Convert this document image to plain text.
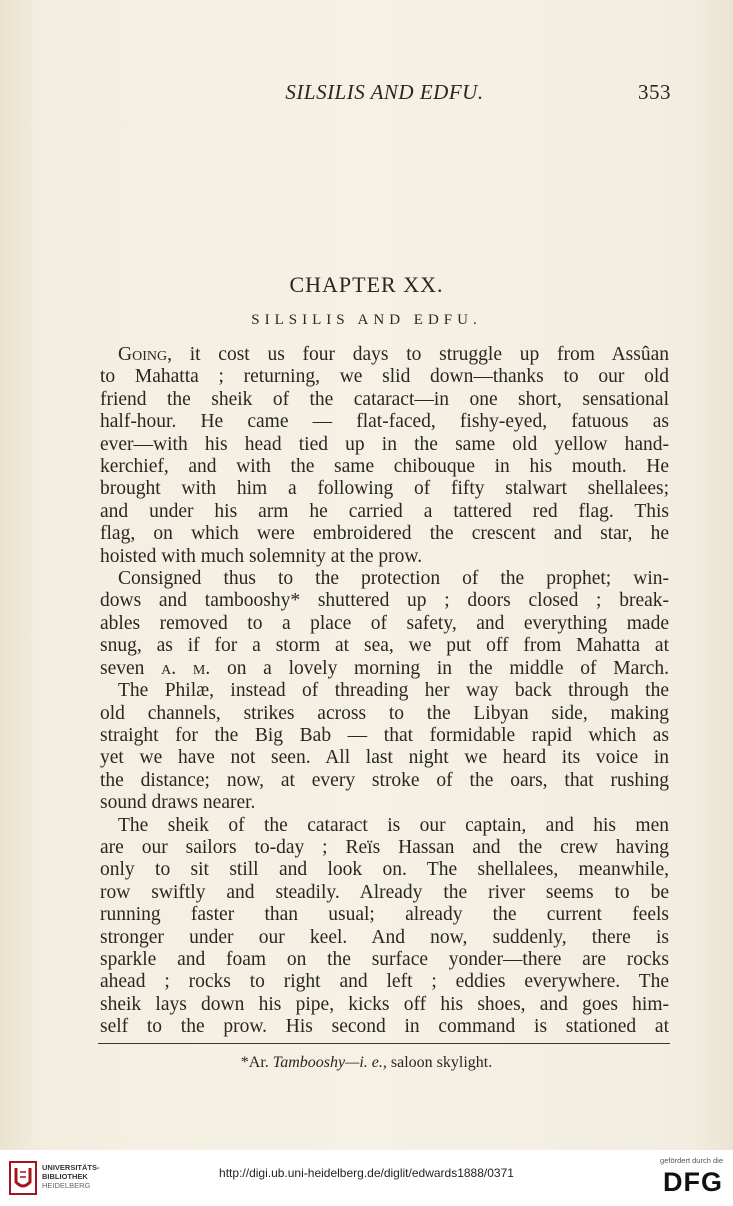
SILSILIS AND EDFU.	353
CHAPTER XX.
SILSILIS AND EDFU.
Going, it cost us four days to struggle up from Assûan
to Mahatta ; returning, we slid down—thanks to our old
friend the sheik of the cataract—in one short, sensational
half-hour. He came — flat-faced, fishy-eyed, fatuous as
ever—with his head tied up in the same old yellow hand-
kerchief, and with the same chibouque in his mouth. He
brought with him a following of fifty stalwart shellalees;
and under his arm he carried a tattered red flag. This
flag, on which were embroidered the crescent and star, he
hoisted with much solemnity at the prow.
Consigned thus to the protection of the prophet; win-
dows and tambooshy* shuttered up ; doors closed ; break-
ables removed to a place of safety, and everything made
snug, as if for a storm at sea, we put off from Mahatta at
seven a. m. on a lovely morning in the middle of March.
The Philæ, instead of threading her way back through the
old channels, strikes across to the Libyan side, making
straight for the Big Bab — that formidable rapid which as
yet we have not seen. All last night we heard its voice in
the distance; now, at every stroke of the oars, that rushing
sound draws nearer.
The sheik of the cataract is our captain, and his men
are our sailors to-day ; Reïs Hassan and the crew having
only to sit still and look on. The shellalees, meanwhile,
row swiftly and steadily. Already the river seems to be
running faster than usual; already the current feels
stronger under our keel. And now, suddenly, there is
sparkle and foam on the surface yonder—there are rocks
ahead ; rocks to right and left ; eddies everywhere. The
sheik lays down his pipe, kicks off his shoes, and goes him-
self to the prow. His second in command is stationed at
*Ar. Tambooshy—i. e., saloon skylight.
UNIVERSITÄTS-
BIBLIOTHEK
HEIDELBERG
http://digi.ub.uni-heidelberg.de/diglit/edwards1888/0371
gefördert durch die
DFG
